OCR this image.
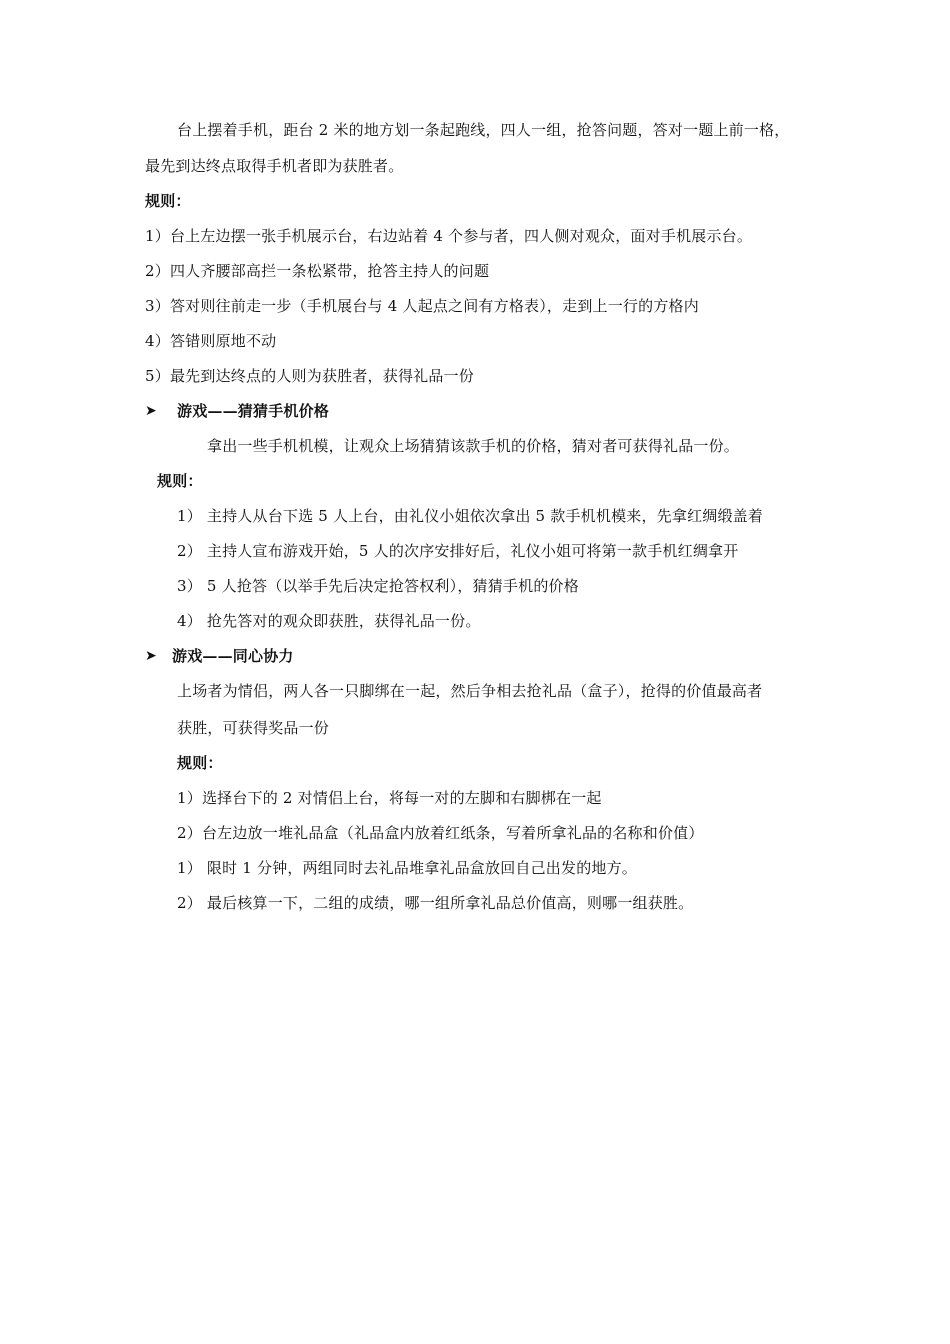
台上摆着手机，距台 2 米的地方划一条起跑线，四人一组，抢答问题，答对一题上前一格，
最先到达终点取得手机者即为获胜者。
规则：
1）台上左边摆一张手机展示台，右边站着 4 个参与者，四人侧对观众，面对手机展示台。
2）四人齐腰部高拦一条松紧带，抢答主持人的问题
3）答对则往前走一步（手机展台与 4 人起点之间有方格表），走到上一行的方格内
4）答错则原地不动
5）最先到达终点的人则为获胜者，获得礼品一份
➤ 游戏——猜猜手机价格
拿出一些手机机模，让观众上场猜猜该款手机的价格，猜对者可获得礼品一份。
规则：
1） 主持人从台下选 5 人上台，由礼仪小姐依次拿出 5 款手机机模来，先拿红绸缎盖着
2） 主持人宣布游戏开始，5 人的次序安排好后，礼仪小姐可将第一款手机红绸拿开
3） 5 人抢答（以举手先后决定抢答权利），猜猜手机的价格
4） 抢先答对的观众即获胜，获得礼品一份。
➤ 游戏——同心协力
上场者为情侣，两人各一只脚绑在一起，然后争相去抢礼品（盒子），抢得的价值最高者
获胜，可获得奖品一份
规则：
1）选择台下的 2 对情侣上台，将每一对的左脚和右脚梆在一起
2）台左边放一堆礼品盒（礼品盒内放着红纸条，写着所拿礼品的名称和价值）
1） 限时 1 分钟，两组同时去礼品堆拿礼品盒放回自己出发的地方。
2） 最后核算一下，二组的成绩，哪一组所拿礼品总价值高，则哪一组获胜。
